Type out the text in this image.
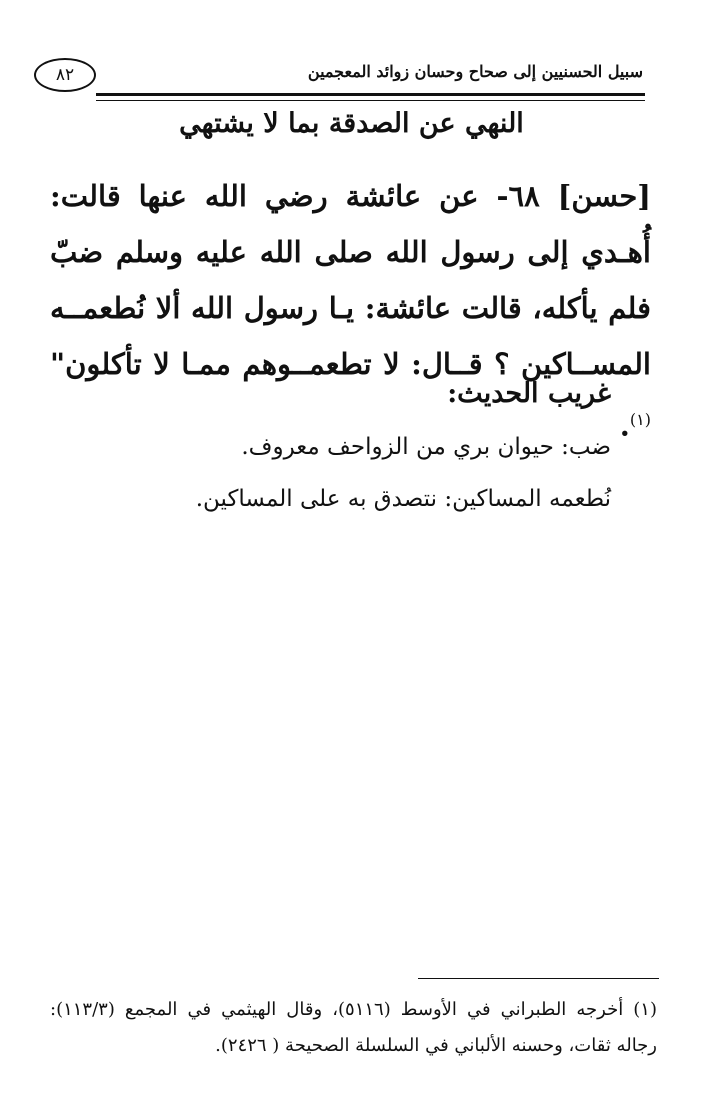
٨٢	سبيل الحسنيين إلى صحاح وحسان زوائد المعجمين
النهي عن الصدقة بما لا يشتهي
[حسن] ٦٨- عن عائشة رضي الله عنها قالت: أُهـدي إلى رسول الله صلى الله عليه وسلم ضبّ فلم يأكله، قالت عائشة: يـا رسول الله ألا نُطعمــه المســاكين ؟ قــال: لا تطعمــوهم ممـا لا تأكلون"$^{(١)}$.
غريب الحديث:
ضب: حيوان بري من الزواحف معروف.
نُطعمه المساكين: نتصدق به على المساكين.
(١) أخرجه الطبراني في الأوسط (٥١١٦)، وقال الهيثمي في المجمع (١١٣/٣): رجاله ثقات، وحسنه الألباني في السلسلة الصحيحة ( ٢٤٢٦).
